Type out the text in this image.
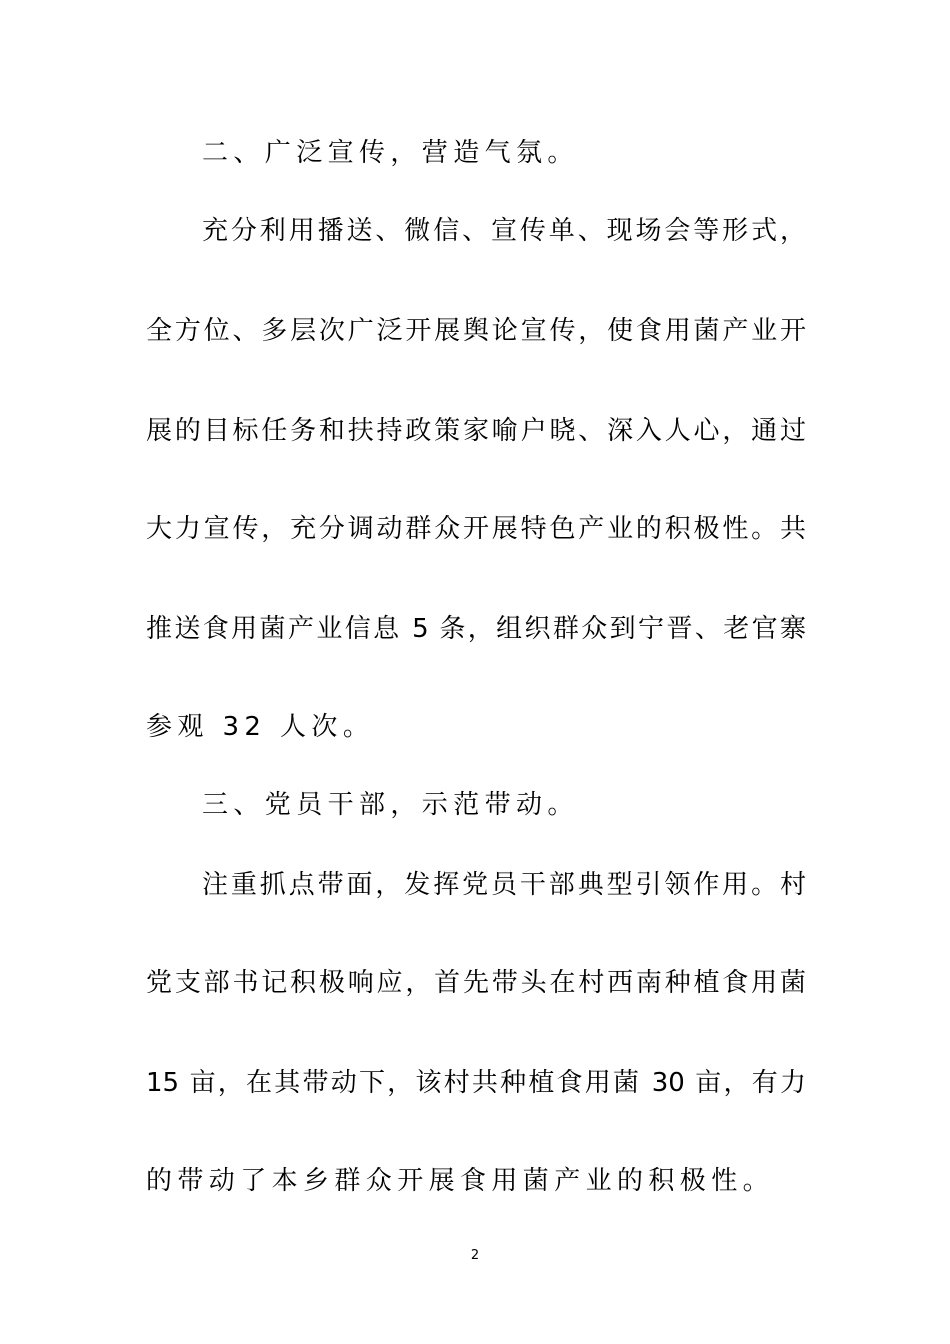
二、广泛宣传，营造气氛。
充分利用播送、微信、宣传单、现场会等形式，
全方位、多层次广泛开展舆论宣传，使食用菌产业开
展的目标任务和扶持政策家喻户晓、深入人心，通过
大力宣传，充分调动群众开展特色产业的积极性。共
推送食用菌产业信息 5 条，组织群众到宁晋、老官寨
参观 32 人次。
三、党员干部，示范带动。
注重抓点带面，发挥党员干部典型引领作用。村
党支部书记积极响应，首先带头在村西南种植食用菌
15 亩，在其带动下，该村共种植食用菌 30 亩，有力
的带动了本乡群众开展食用菌产业的积极性。
2
